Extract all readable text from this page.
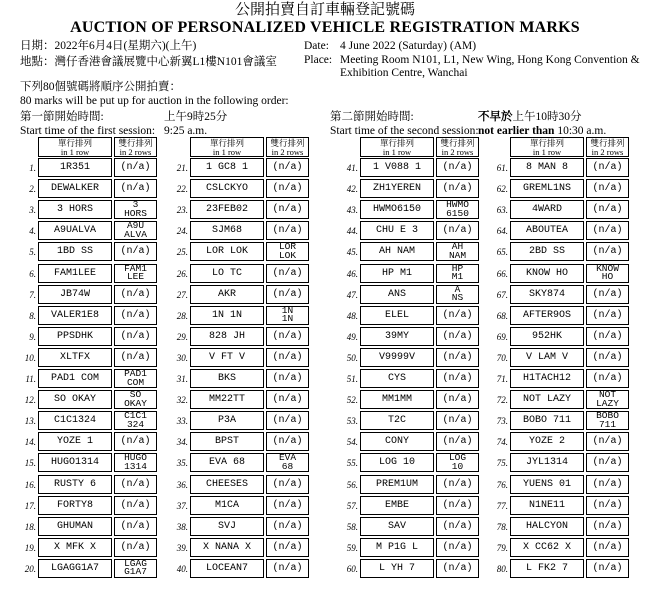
公開拍賣自訂車輛登記號碼
AUCTION OF PERSONALIZED VEHICLE REGISTRATION MARKS
日期：2022年6月4日(星期六)(上午)
地點：灣仔香港會議展覽中心新翼L1樓N101會議室
Date: 4 June 2022 (Saturday) (AM)
Place: Meeting Room N101, L1, New Wing, Hong Kong Convention &
Exhibition Centre, Wanchai
下列80個號碼將順序公開拍賣：
80 marks will be put up for auction in the following order:
第一節開始時間:	上午9時25分
Start time of the first session: 9:25 a.m.
第二節開始時間:	不早於上午10時30分
Start time of the second session: not earlier than 10:30 a.m.
單行排列
in 1 row
雙行排列
in 2 rows
1.	1R351	(n/a)
2.	DEWALKER	(n/a)
3.	3 HORS	3
HORS
4.	A9UALVA	A9U
ALVA
5.	1BD SS	(n/a)
6.	FAM1LEE	FAM1
LEE
7.	JB74W	(n/a)
8.	VALER1E8	(n/a)
9.	PPSDHK	(n/a)
10.	XLTFX	(n/a)
11.	PAD1 COM	PAD1
COM
12.	SO OKAY	SO
OKAY
13.	C1C1324	C1C1
324
14.	YOZE 1	(n/a)
15.	HUGO1314	HUGO
1314
16.	RUSTY 6	(n/a)
17.	FORTY8	(n/a)
18.	GHUMAN	(n/a)
19.	X MFK X	(n/a)
20.	LGAGG1A7	LGAG
G1A7
單行排列
in 1 row
雙行排列
in 2 rows
21.	1 GC8 1	(n/a)
22.	CSLCKYO	(n/a)
23.	23FEB02	(n/a)
24.	SJM68	(n/a)
25.	LOR LOK	LOR
LOK
26.	LO TC	(n/a)
27.	AKR	(n/a)
28.	1N 1N	1N
1N
29.	828 JH	(n/a)
30.	V FT V	(n/a)
31.	BKS	(n/a)
32.	MM22TT	(n/a)
33.	P3A	(n/a)
34.	BPST	(n/a)
35.	EVA 68	EVA
68
36.	CHEESES	(n/a)
37.	M1CA	(n/a)
38.	SVJ	(n/a)
39.	X NANA X	(n/a)
40.	LOCEAN7	(n/a)
單行排列
in 1 row
雙行排列
in 2 rows
41.	1 V088 1	(n/a)
42.	ZH1YEREN	(n/a)
43.	HWMO6150	HWMO
6150
44.	CHU E 3	(n/a)
45.	AH NAM	AH
NAM
46.	HP M1	HP
M1
47.	ANS	A
NS
48.	ELEL	(n/a)
49.	39MY	(n/a)
50.	V9999V	(n/a)
51.	CYS	(n/a)
52.	MM1MM	(n/a)
53.	T2C	(n/a)
54.	CONY	(n/a)
55.	LOG 10	LOG
10
56.	PREM1UM	(n/a)
57.	EMBE	(n/a)
58.	SAV	(n/a)
59.	M P1G L	(n/a)
60.	L YH 7	(n/a)
單行排列
in 1 row
雙行排列
in 2 rows
61.	8 MAN 8	(n/a)
62.	GREML1NS	(n/a)
63.	4WARD	(n/a)
64.	ABOUTEA	(n/a)
65.	2BD SS	(n/a)
66.	KNOW HO	KNOW
HO
67.	SKY874	(n/a)
68.	AFTER9OS	(n/a)
69.	952HK	(n/a)
70.	V LAM V	(n/a)
71.	H1TACH12	(n/a)
72.	NOT LAZY	NOT
LAZY
73.	BOBO 711	BOBO
711
74.	YOZE 2	(n/a)
75.	JYL1314	(n/a)
76.	YUENS 01	(n/a)
77.	N1NE11	(n/a)
78.	HALCYON	(n/a)
79.	X CC62 X	(n/a)
80.	L FK2 7	(n/a)
